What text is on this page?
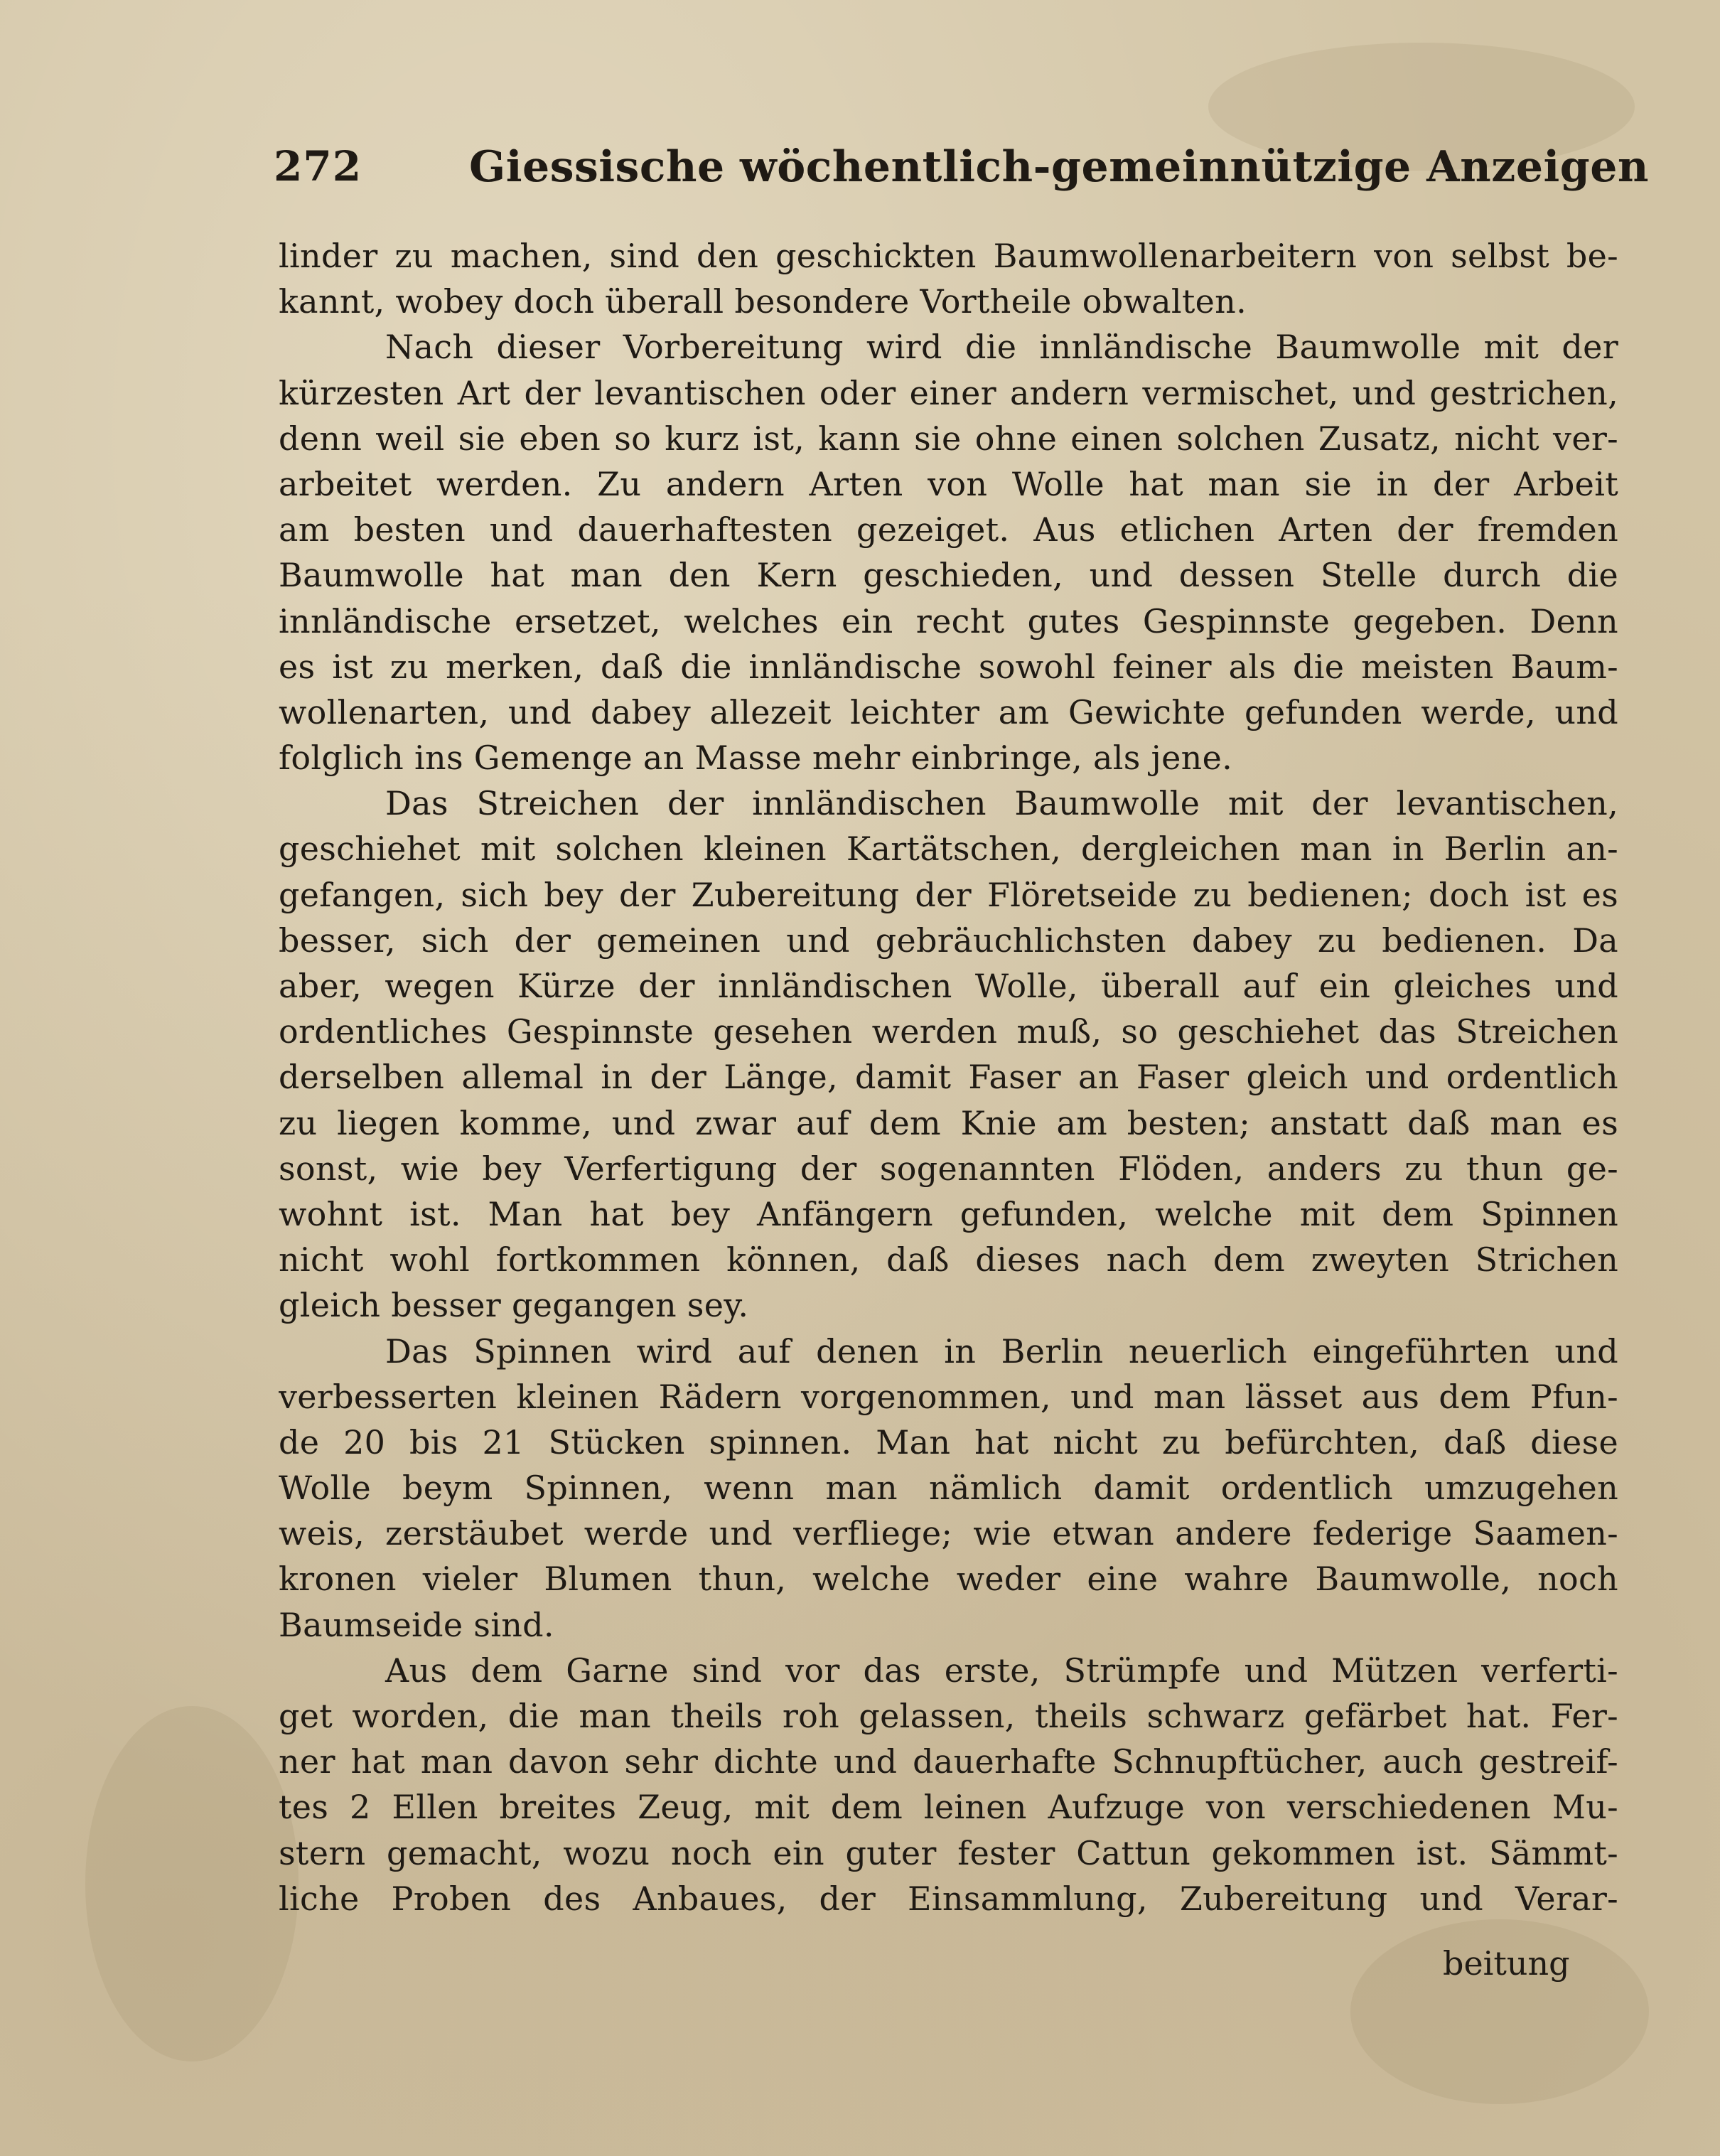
272	Giessische wöchentlich-gemeinnützige Anzeigen
linder zu machen, sind den geschickten Baumwollenarbeitern von selbst be-
kannt, wobey doch überall besondere Vortheile obwalten.
Nach dieser Vorbereitung wird die innländische Baumwolle mit der
kürzesten Art der levantischen oder einer andern vermischet, und gestrichen,
denn weil sie eben so kurz ist, kann sie ohne einen solchen Zusatz, nicht ver-
arbeitet werden. Zu andern Arten von Wolle hat man sie in der Arbeit
am besten und dauerhaftesten gezeiget. Aus etlichen Arten der fremden
Baumwolle hat man den Kern geschieden, und dessen Stelle durch die
innländische ersetzet, welches ein recht gutes Gespinnste gegeben. Denn
es ist zu merken, daß die innländische sowohl feiner als die meisten Baum-
wollenarten, und dabey allezeit leichter am Gewichte gefunden werde, und
folglich ins Gemenge an Masse mehr einbringe, als jene.
Das Streichen der innländischen Baumwolle mit der levantischen,
geschiehet mit solchen kleinen Kartätschen, dergleichen man in Berlin an-
gefangen, sich bey der Zubereitung der Flöretseide zu bedienen; doch ist es
besser, sich der gemeinen und gebräuchlichsten dabey zu bedienen. Da
aber, wegen Kürze der innländischen Wolle, überall auf ein gleiches und
ordentliches Gespinnste gesehen werden muß, so geschiehet das Streichen
derselben allemal in der Länge, damit Faser an Faser gleich und ordentlich
zu liegen komme, und zwar auf dem Knie am besten; anstatt daß man es
sonst, wie bey Verfertigung der sogenannten Flöden, anders zu thun ge-
wohnt ist. Man hat bey Anfängern gefunden, welche mit dem Spinnen
nicht wohl fortkommen können, daß dieses nach dem zweyten Strichen
gleich besser gegangen sey.
Das Spinnen wird auf denen in Berlin neuerlich eingeführten und
verbesserten kleinen Rädern vorgenommen, und man lässet aus dem Pfun-
de 20 bis 21 Stücken spinnen. Man hat nicht zu befürchten, daß diese
Wolle beym Spinnen, wenn man nämlich damit ordentlich umzugehen
weis, zerstäubet werde und verfliege; wie etwan andere federige Saamen-
kronen vieler Blumen thun, welche weder eine wahre Baumwolle, noch
Baumseide sind.
Aus dem Garne sind vor das erste, Strümpfe und Mützen verferti-
get worden, die man theils roh gelassen, theils schwarz gefärbet hat. Fer-
ner hat man davon sehr dichte und dauerhafte Schnupftücher, auch gestreif-
tes 2 Ellen breites Zeug, mit dem leinen Aufzuge von verschiedenen Mu-
stern gemacht, wozu noch ein guter fester Cattun gekommen ist. Sämmt-
liche Proben des Anbaues, der Einsammlung, Zubereitung und Verar-
beitung
